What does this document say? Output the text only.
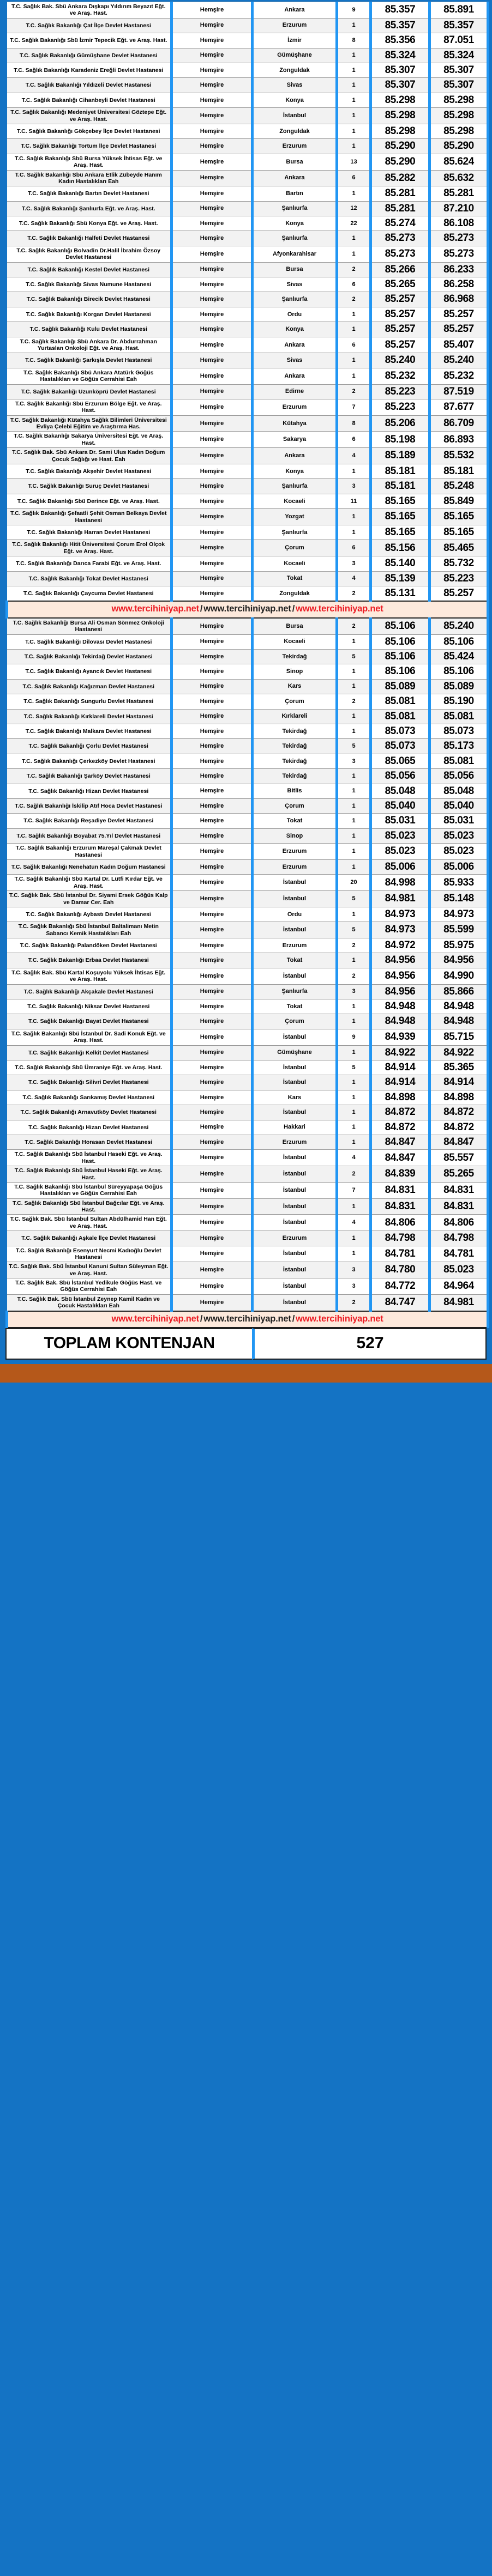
T.C. Sağlık Bak. Sbü Ankara Dışkapı Yıldırım Beyazıt Eğt. ve Araş. Hast.	Hemşire	Ankara	9	85.357	85.891
T.C. Sağlık Bakanlığı Çat İlçe Devlet Hastanesi	Hemşire	Erzurum	1	85.357	85.357
T.C. Sağlık Bakanlığı Sbü İzmir Tepecik Eğt. ve Araş. Hast.	Hemşire	İzmir	8	85.356	87.051
T.C. Sağlık Bakanlığı Gümüşhane Devlet Hastanesi	Hemşire	Gümüşhane	1	85.324	85.324
T.C. Sağlık Bakanlığı Karadeniz Ereğli Devlet Hastanesi	Hemşire	Zonguldak	1	85.307	85.307
T.C. Sağlık Bakanlığı Yıldızeli Devlet Hastanesi	Hemşire	Sivas	1	85.307	85.307
T.C. Sağlık Bakanlığı Cihanbeyli Devlet Hastanesi	Hemşire	Konya	1	85.298	85.298
T.C. Sağlık Bakanlığı Medeniyet Üniversitesi Göztepe Eğt. ve Araş. Hast.	Hemşire	İstanbul	1	85.298	85.298
T.C. Sağlık Bakanlığı Gökçebey İlçe Devlet Hastanesi	Hemşire	Zonguldak	1	85.298	85.298
T.C. Sağlık Bakanlığı Tortum İlçe Devlet Hastanesi	Hemşire	Erzurum	1	85.290	85.290
T.C. Sağlık Bakanlığı Sbü Bursa Yüksek İhtisas Eğt. ve Araş. Hast.	Hemşire	Bursa	13	85.290	85.624
T.C. Sağlık Bakanlığı Sbü Ankara Etlik Zübeyde Hanım Kadın Hastalıkları Eah	Hemşire	Ankara	6	85.282	85.632
T.C. Sağlık Bakanlığı Bartın Devlet Hastanesi	Hemşire	Bartın	1	85.281	85.281
T.C. Sağlık Bakanlığı Şanlıurfa Eğt. ve Araş. Hast.	Hemşire	Şanlıurfa	12	85.281	87.210
T.C. Sağlık Bakanlığı Sbü Konya Eğt. ve Araş. Hast.	Hemşire	Konya	22	85.274	86.108
T.C. Sağlık Bakanlığı Halfeti Devlet Hastanesi	Hemşire	Şanlıurfa	1	85.273	85.273
T.C. Sağlık Bakanlığı Bolvadin Dr.Halil İbrahim Özsoy Devlet Hastanesi	Hemşire	Afyonkarahisar	1	85.273	85.273
T.C. Sağlık Bakanlığı Kestel Devlet Hastanesi	Hemşire	Bursa	2	85.266	86.233
T.C. Sağlık Bakanlığı Sivas Numune Hastanesi	Hemşire	Sivas	6	85.265	86.258
T.C. Sağlık Bakanlığı Birecik Devlet Hastanesi	Hemşire	Şanlıurfa	2	85.257	86.968
T.C. Sağlık Bakanlığı Korgan Devlet Hastanesi	Hemşire	Ordu	1	85.257	85.257
T.C. Sağlık Bakanlığı Kulu Devlet Hastanesi	Hemşire	Konya	1	85.257	85.257
T.C. Sağlık Bakanlığı Sbü Ankara Dr. Abdurrahman Yurtaslan Onkoloji Eğt. ve Araş. Hast.	Hemşire	Ankara	6	85.257	85.407
T.C. Sağlık Bakanlığı Şarkışla Devlet Hastanesi	Hemşire	Sivas	1	85.240	85.240
T.C. Sağlık Bakanlığı Sbü Ankara Atatürk Göğüs Hastalıkları ve Göğüs Cerrahisi Eah	Hemşire	Ankara	1	85.232	85.232
T.C. Sağlık Bakanlığı Uzunköprü Devlet Hastanesi	Hemşire	Edirne	2	85.223	87.519
T.C. Sağlık Bakanlığı Sbü Erzurum Bölge Eğt. ve Araş. Hast.	Hemşire	Erzurum	7	85.223	87.677
T.C. Sağlık Bakanlığı Kütahya Sağlık Bilimleri Üniversitesi Evliya Çelebi Eğitim ve Araştırma Has.	Hemşire	Kütahya	8	85.206	86.709
T.C. Sağlık Bakanlığı Sakarya Üniversitesi Eğt. ve Araş. Hast.	Hemşire	Sakarya	6	85.198	86.893
T.C. Sağlık Bak. Sbü Ankara Dr. Sami Ulus Kadın Doğum Çocuk Sağlığı ve Hast. Eah	Hemşire	Ankara	4	85.189	85.532
T.C. Sağlık Bakanlığı Akşehir Devlet Hastanesi	Hemşire	Konya	1	85.181	85.181
T.C. Sağlık Bakanlığı Suruç Devlet Hastanesi	Hemşire	Şanlıurfa	3	85.181	85.248
T.C. Sağlık Bakanlığı Sbü Derince Eğt. ve Araş. Hast.	Hemşire	Kocaeli	11	85.165	85.849
T.C. Sağlık Bakanlığı Şefaatli Şehit Osman Belkaya Devlet Hastanesi	Hemşire	Yozgat	1	85.165	85.165
T.C. Sağlık Bakanlığı Harran Devlet Hastanesi	Hemşire	Şanlıurfa	1	85.165	85.165
T.C. Sağlık Bakanlığı Hitit Üniversitesi Çorum Erol Olçok Eğt. ve Araş. Hast.	Hemşire	Çorum	6	85.156	85.465
T.C. Sağlık Bakanlığı Darıca Farabi Eğt. ve Araş. Hast.	Hemşire	Kocaeli	3	85.140	85.732
T.C. Sağlık Bakanlığı Tokat Devlet Hastanesi	Hemşire	Tokat	4	85.139	85.223
T.C. Sağlık Bakanlığı Çaycuma Devlet Hastanesi	Hemşire	Zonguldak	2	85.131	85.257
www.tercihiniyap.net / www.tercihiniyap.net / www.tercihiniyap.net					
T.C. Sağlık Bakanlığı Bursa Ali Osman Sönmez Onkoloji Hastanesi	Hemşire	Bursa	2	85.106	85.240
T.C. Sağlık Bakanlığı Dilovası Devlet Hastanesi	Hemşire	Kocaeli	1	85.106	85.106
T.C. Sağlık Bakanlığı Tekirdağ Devlet Hastanesi	Hemşire	Tekirdağ	5	85.106	85.424
T.C. Sağlık Bakanlığı Ayancık Devlet Hastanesi	Hemşire	Sinop	1	85.106	85.106
T.C. Sağlık Bakanlığı Kağızman Devlet Hastanesi	Hemşire	Kars	1	85.089	85.089
T.C. Sağlık Bakanlığı Sungurlu Devlet Hastanesi	Hemşire	Çorum	2	85.081	85.190
T.C. Sağlık Bakanlığı Kırklareli Devlet Hastanesi	Hemşire	Kırklareli	1	85.081	85.081
T.C. Sağlık Bakanlığı Malkara Devlet Hastanesi	Hemşire	Tekirdağ	1	85.073	85.073
T.C. Sağlık Bakanlığı Çorlu Devlet Hastanesi	Hemşire	Tekirdağ	5	85.073	85.173
T.C. Sağlık Bakanlığı Çerkezköy Devlet Hastanesi	Hemşire	Tekirdağ	3	85.065	85.081
T.C. Sağlık Bakanlığı Şarköy Devlet Hastanesi	Hemşire	Tekirdağ	1	85.056	85.056
T.C. Sağlık Bakanlığı Hizan Devlet Hastanesi	Hemşire	Bitlis	1	85.048	85.048
T.C. Sağlık Bakanlığı İskilip Atıf Hoca Devlet Hastanesi	Hemşire	Çorum	1	85.040	85.040
T.C. Sağlık Bakanlığı Reşadiye Devlet Hastanesi	Hemşire	Tokat	1	85.031	85.031
T.C. Sağlık Bakanlığı Boyabat 75.Yıl Devlet Hastanesi	Hemşire	Sinop	1	85.023	85.023
T.C. Sağlık Bakanlığı Erzurum Mareşal Çakmak Devlet Hastanesi	Hemşire	Erzurum	1	85.023	85.023
T.C. Sağlık Bakanlığı Nenehatun Kadın Doğum Hastanesi	Hemşire	Erzurum	1	85.006	85.006
T.C. Sağlık Bakanlığı Sbü Kartal Dr. Lütfi Kırdar Eğt. ve Araş. Hast.	Hemşire	İstanbul	20	84.998	85.933
T.C. Sağlık Bak. Sbü İstanbul Dr. Siyami Ersek Göğüs Kalp ve Damar Cer. Eah	Hemşire	İstanbul	5	84.981	85.148
T.C. Sağlık Bakanlığı Aybastı Devlet Hastanesi	Hemşire	Ordu	1	84.973	84.973
T.C. Sağlık Bakanlığı Sbü İstanbul Baltalimanı Metin Sabancı Kemik Hastalıkları Eah	Hemşire	İstanbul	5	84.973	85.599
T.C. Sağlık Bakanlığı Palandöken Devlet Hastanesi	Hemşire	Erzurum	2	84.972	85.975
T.C. Sağlık Bakanlığı Erbaa Devlet Hastanesi	Hemşire	Tokat	1	84.956	84.956
T.C. Sağlık Bak. Sbü Kartal Koşuyolu Yüksek İhtisas Eğt. ve Araş. Hast.	Hemşire	İstanbul	2	84.956	84.990
T.C. Sağlık Bakanlığı Akçakale Devlet Hastanesi	Hemşire	Şanlıurfa	3	84.956	85.866
T.C. Sağlık Bakanlığı Niksar Devlet Hastanesi	Hemşire	Tokat	1	84.948	84.948
T.C. Sağlık Bakanlığı Bayat Devlet Hastanesi	Hemşire	Çorum	1	84.948	84.948
T.C. Sağlık Bakanlığı Sbü İstanbul Dr. Sadi Konuk Eğt. ve Araş. Hast.	Hemşire	İstanbul	9	84.939	85.715
T.C. Sağlık Bakanlığı Kelkit Devlet Hastanesi	Hemşire	Gümüşhane	1	84.922	84.922
T.C. Sağlık Bakanlığı Sbü Ümraniye Eğt. ve Araş. Hast.	Hemşire	İstanbul	5	84.914	85.365
T.C. Sağlık Bakanlığı Silivri Devlet Hastanesi	Hemşire	İstanbul	1	84.914	84.914
T.C. Sağlık Bakanlığı Sarıkamış Devlet Hastanesi	Hemşire	Kars	1	84.898	84.898
T.C. Sağlık Bakanlığı Arnavutköy Devlet Hastanesi	Hemşire	İstanbul	1	84.872	84.872
T.C. Sağlık Bakanlığı Hizan Devlet Hastanesi	Hemşire	Hakkari	1	84.872	84.872
T.C. Sağlık Bakanlığı Horasan Devlet Hastanesi	Hemşire	Erzurum	1	84.847	84.847
T.C. Sağlık Bakanlığı Sbü İstanbul Haseki Eğt. ve Araş. Hast.	Hemşire	İstanbul	4	84.847	85.557
T.C. Sağlık Bakanlığı Sbü İstanbul Haseki Eğt. ve Araş. Hast.	Hemşire	İstanbul	2	84.839	85.265
T.C. Sağlık Bakanlığı Sbü İstanbul Süreyyapaşa Göğüs Hastalıkları ve Göğüs Cerrahisi Eah	Hemşire	İstanbul	7	84.831	84.831
T.C. Sağlık Bakanlığı Sbü İstanbul Bağcılar Eğt. ve Araş. Hast.	Hemşire	İstanbul	1	84.831	84.831
T.C. Sağlık Bak. Sbü İstanbul Sultan Abdülhamid Han Eğt. ve Araş. Hast.	Hemşire	İstanbul	4	84.806	84.806
T.C. Sağlık Bakanlığı Aşkale İlçe Devlet Hastanesi	Hemşire	Erzurum	1	84.798	84.798
T.C. Sağlık Bakanlığı Esenyurt Necmi Kadıoğlu Devlet Hastanesi	Hemşire	İstanbul	1	84.781	84.781
T.C. Sağlık Bak. Sbü İstanbul Kanuni Sultan Süleyman Eğt. ve Araş. Hast.	Hemşire	İstanbul	3	84.780	85.023
T.C. Sağlık Bak. Sbü İstanbul Yedikule Göğüs Hast. ve Göğüs Cerrahisi Eah	Hemşire	İstanbul	3	84.772	84.964
T.C. Sağlık Bak. Sbü İstanbul Zeynep Kamil Kadın ve Çocuk Hastalıkları Eah	Hemşire	İstanbul	2	84.747	84.981
www.tercihiniyap.net / www.tercihiniyap.net / www.tercihiniyap.net					
TOPLAM KONTENJAN	527
